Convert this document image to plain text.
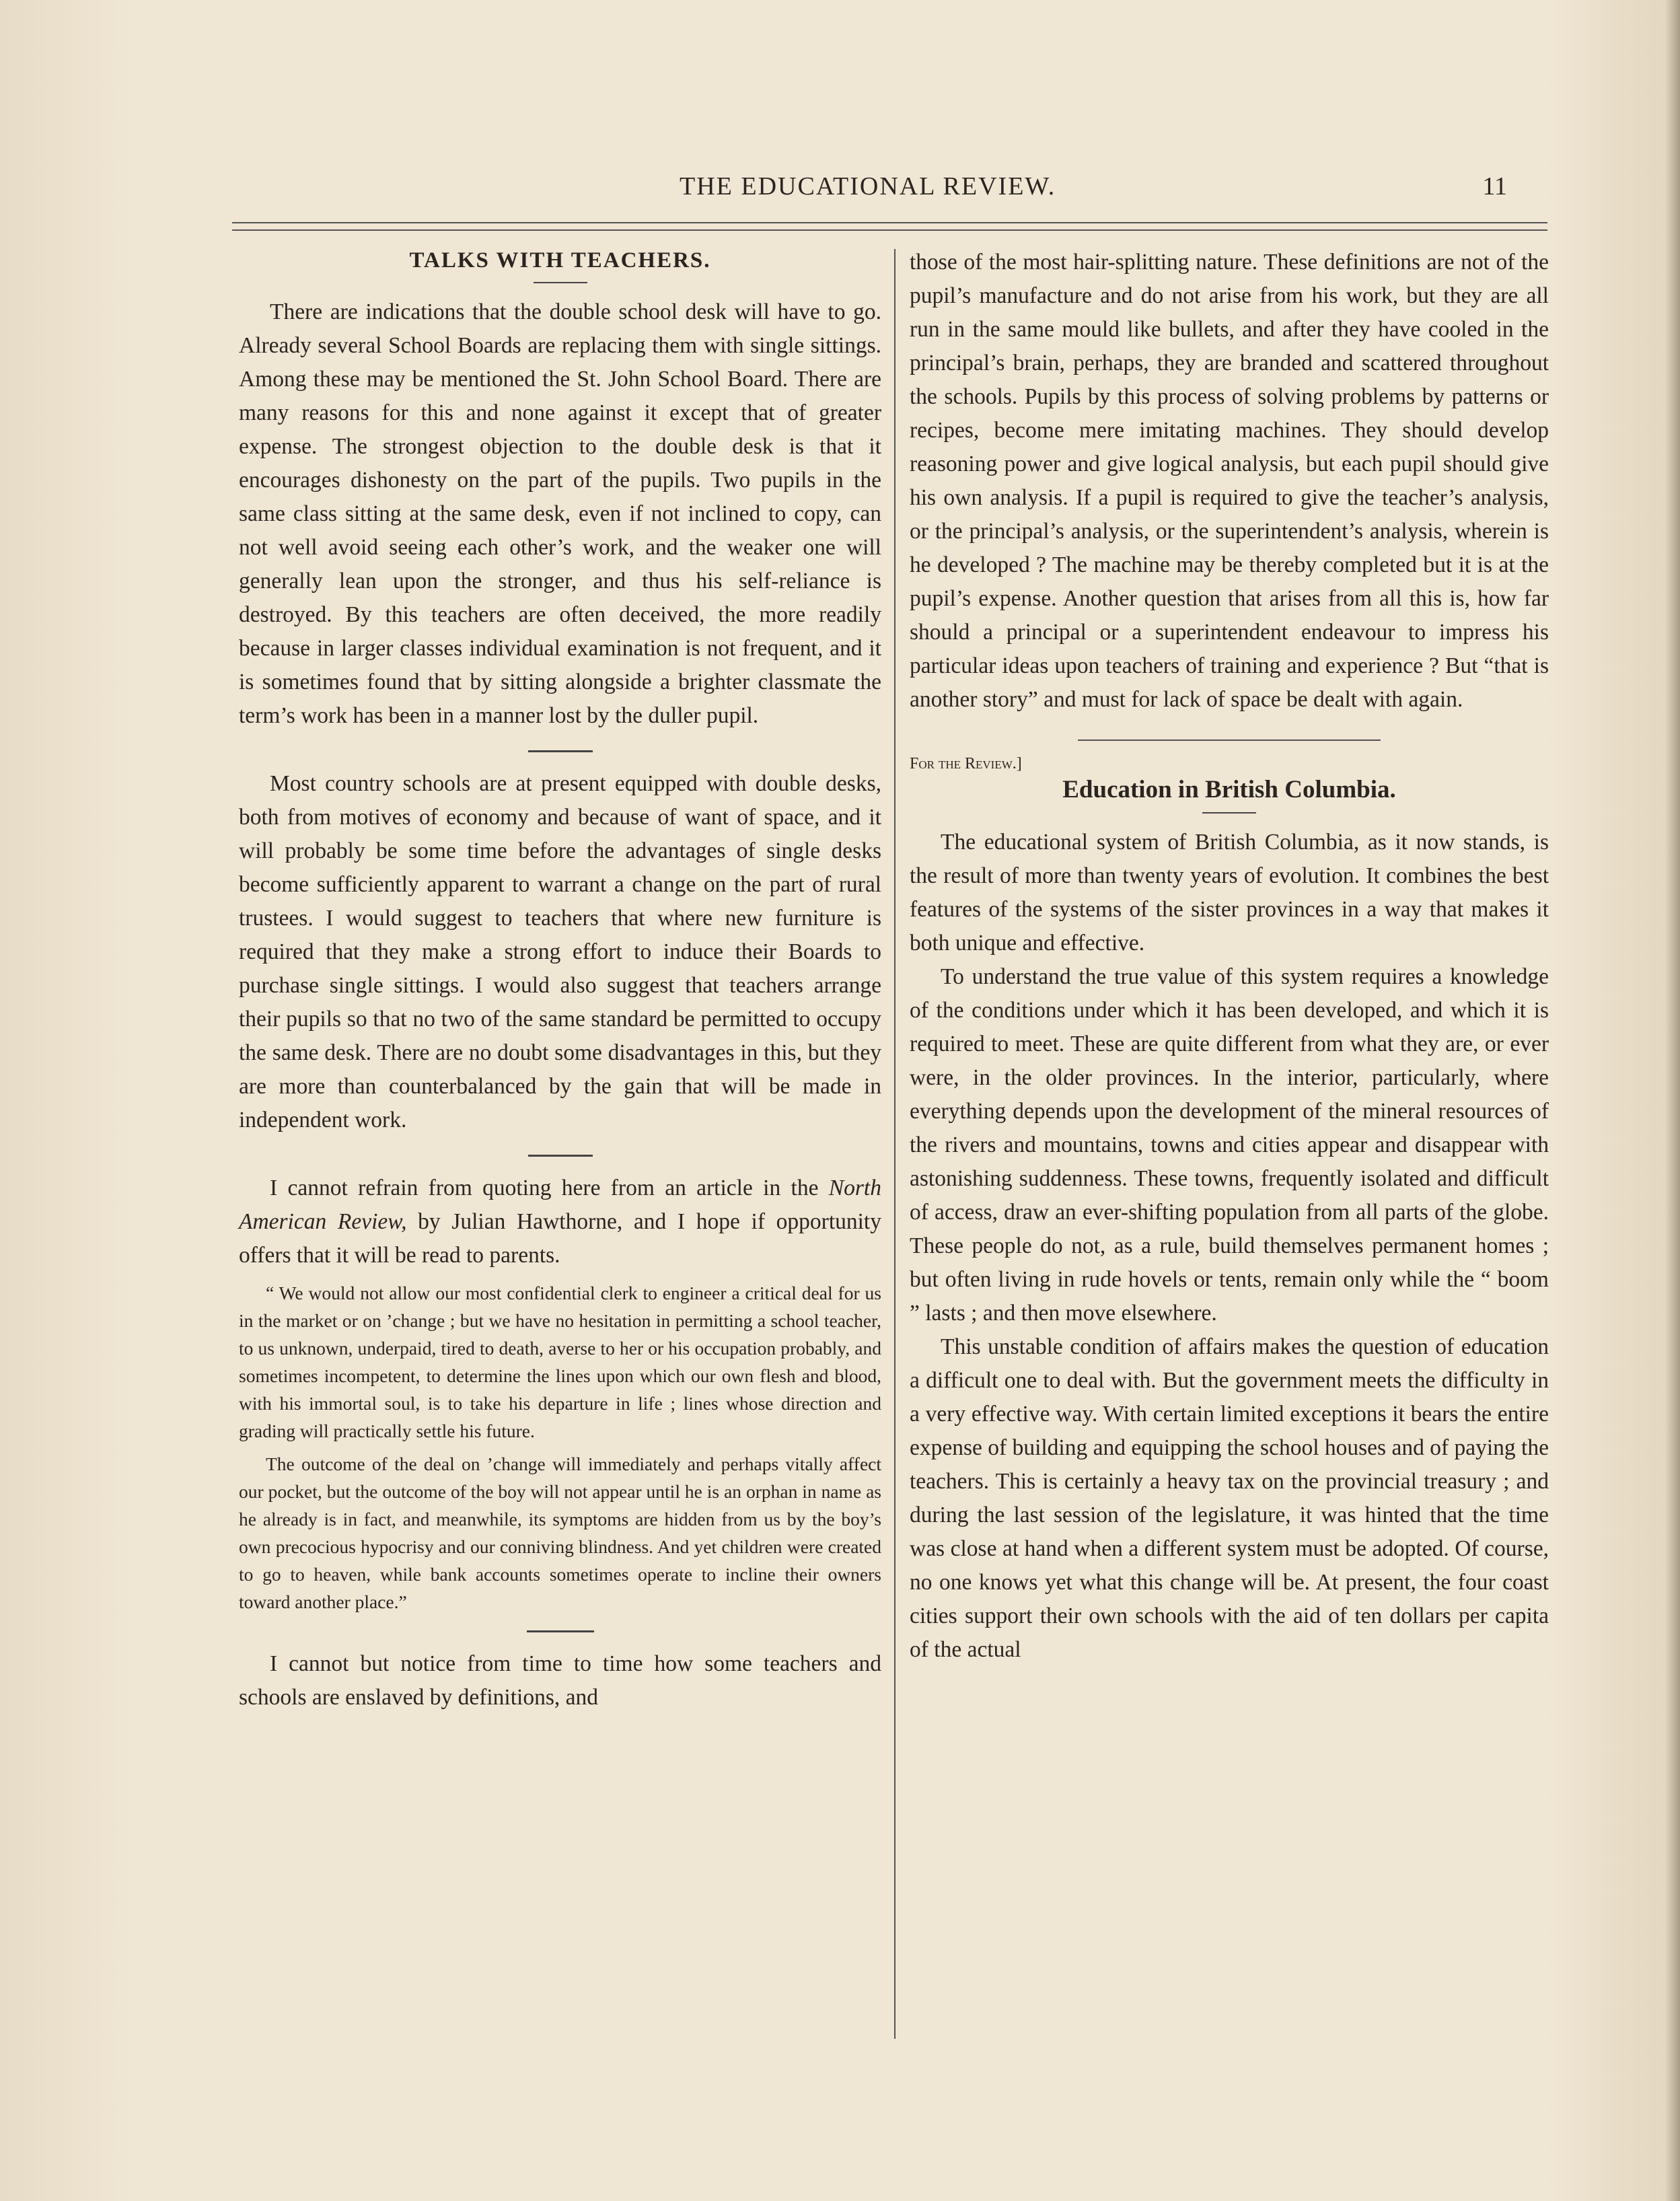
THE EDUCATIONAL REVIEW.	11
TALKS WITH TEACHERS.

There are indications that the double school desk will have to go. Already several School Boards are replacing them with single sittings. Among these may be mentioned the St. John School Board. There are many reasons for this and none against it except that of greater expense. The strongest objection to the double desk is that it encourages dishonesty on the part of the pupils. Two pupils in the same class sitting at the same desk, even if not inclined to copy, can not well avoid seeing each other’s work, and the weaker one will generally lean upon the stronger, and thus his self-reliance is destroyed. By this teachers are often deceived, the more readily because in larger classes individual examination is not frequent, and it is sometimes found that by sitting alongside a brighter classmate the term’s work has been in a manner lost by the duller pupil.

Most country schools are at present equipped with double desks, both from motives of economy and because of want of space, and it will probably be some time before the advantages of single desks become sufficiently apparent to warrant a change on the part of rural trustees. I would suggest to teachers that where new furniture is required that they make a strong effort to induce their Boards to purchase single sittings. I would also suggest that teachers arrange their pupils so that no two of the same standard be permitted to occupy the same desk. There are no doubt some disadvantages in this, but they are more than counterbalanced by the gain that will be made in independent work.

I cannot refrain from quoting here from an article in the North American Review, by Julian Hawthorne, and I hope if opportunity offers that it will be read to parents.

“ We would not allow our most confidential clerk to engineer a critical deal for us in the market or on ’change ; but we have no hesitation in permitting a school teacher, to us unknown, underpaid, tired to death, averse to her or his occupation probably, and sometimes incompetent, to determine the lines upon which our own flesh and blood, with his immortal soul, is to take his departure in life ; lines whose direction and grading will practically settle his future.

The outcome of the deal on ’change will immediately and perhaps vitally affect our pocket, but the outcome of the boy will not appear until he is an orphan in name as he already is in fact, and meanwhile, its symptoms are hidden from us by the boy’s own precocious hypocrisy and our conniving blindness. And yet children were created to go to heaven, while bank accounts sometimes operate to incline their owners toward another place.”

I cannot but notice from time to time how some teachers and schools are enslaved by definitions, and

those of the most hair-splitting nature. These definitions are not of the pupil’s manufacture and do not arise from his work, but they are all run in the same mould like bullets, and after they have cooled in the principal’s brain, perhaps, they are branded and scattered throughout the schools. Pupils by this process of solving problems by patterns or recipes, become mere imitating machines. They should develop reasoning power and give logical analysis, but each pupil should give his own analysis. If a pupil is required to give the teacher’s analysis, or the principal’s analysis, or the superintendent’s analysis, wherein is he developed ? The machine may be thereby completed but it is at the pupil’s expense. Another question that arises from all this is, how far should a principal or a superintendent endeavour to impress his particular ideas upon teachers of training and experience ? But “that is another story” and must for lack of space be dealt with again.

For the Review.]
Education in British Columbia.

The educational system of British Columbia, as it now stands, is the result of more than twenty years of evolution. It combines the best features of the systems of the sister provinces in a way that makes it both unique and effective.

To understand the true value of this system requires a knowledge of the conditions under which it has been developed, and which it is required to meet. These are quite different from what they are, or ever were, in the older provinces. In the interior, particularly, where everything depends upon the development of the mineral resources of the rivers and mountains, towns and cities appear and disappear with astonishing suddenness. These towns, frequently isolated and difficult of access, draw an ever-shifting population from all parts of the globe. These people do not, as a rule, build themselves permanent homes ; but often living in rude hovels or tents, remain only while the “ boom ” lasts ; and then move elsewhere.

This unstable condition of affairs makes the question of education a difficult one to deal with. But the government meets the difficulty in a very effective way. With certain limited exceptions it bears the entire expense of building and equipping the school houses and of paying the teachers. This is certainly a heavy tax on the provincial treasury ; and during the last session of the legislature, it was hinted that the time was close at hand when a different system must be adopted. Of course, no one knows yet what this change will be. At present, the four coast cities support their own schools with the aid of ten dollars per capita of the actual
